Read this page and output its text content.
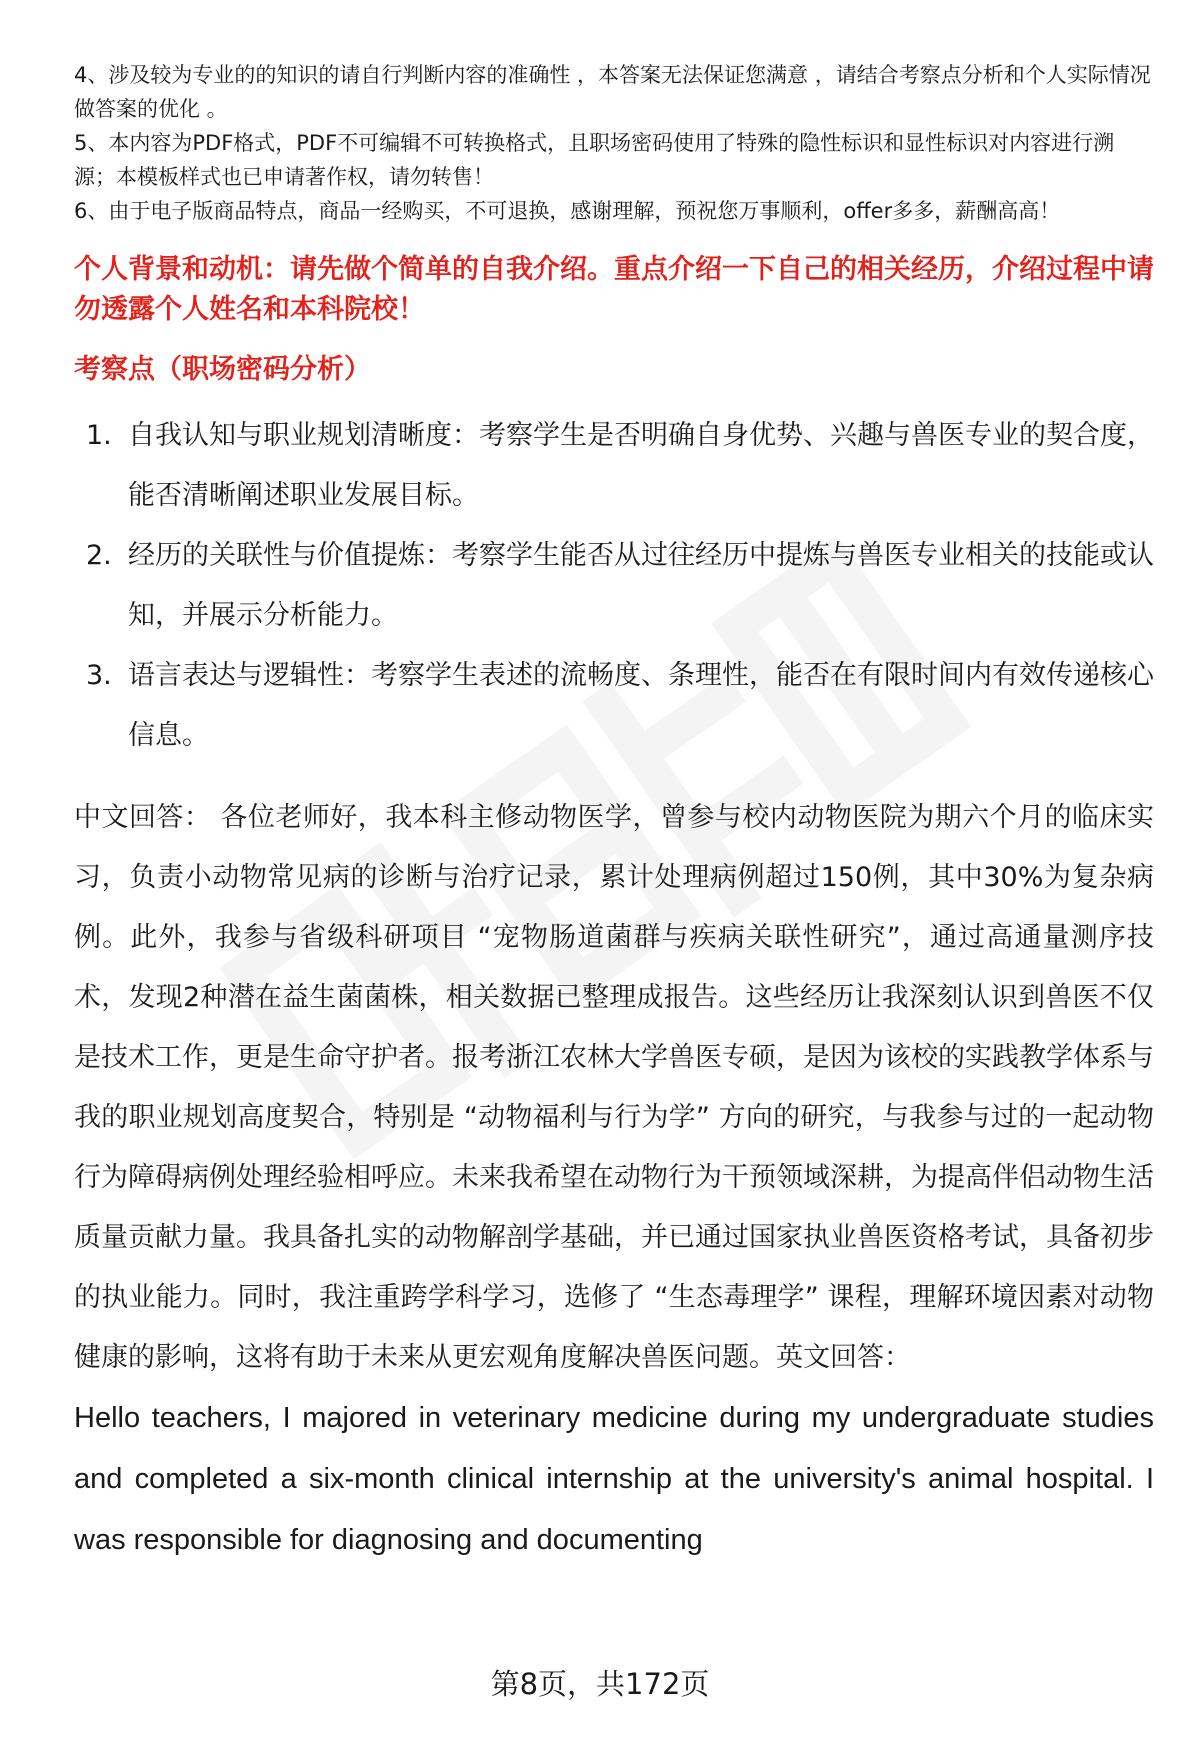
4、涉及较为专业的的知识的请自行判断内容的准确性 ，本答案无法保证您满意 ，请结合考察点分析和个人实际情况做答案的优化 。

5、本内容为PDF格式，PDF不可编辑不可转换格式，且职场密码使用了特殊的隐性标识和显性标识对内容进行溯源；本模板样式也已申请著作权，请勿转售！

6、由于电子版商品特点，商品一经购买，不可退换，感谢理解，预祝您万事顺利，offer多多，薪酬高高！

个人背景和动机：请先做个简单的自我介绍。重点介绍一下自己的相关经历，介绍过程中请勿透露个人姓名和本科院校！
考察点（职场密码分析）
1. 自我认知与职业规划清晰度：考察学生是否明确自身优势、兴趣与兽医专业的契合度，能否清晰阐述职业发展目标。
2. 经历的关联性与价值提炼：考察学生能否从过往经历中提炼与兽医专业相关的技能或认知，并展示分析能力。
3. 语言表达与逻辑性：考察学生表述的流畅度、条理性，能否在有限时间内有效传递核心信息。
中文回答： 各位老师好，我本科主修动物医学，曾参与校内动物医院为期六个月的临床实习，负责小动物常见病的诊断与治疗记录，累计处理病例超过150例，其中30%为复杂病例。此外，我参与省级科研项目 “宠物肠道菌群与疾病关联性研究”，通过高通量测序技术，发现2种潜在益生菌菌株，相关数据已整理成报告。这些经历让我深刻认识到兽医不仅是技术工作，更是生命守护者。报考浙江农林大学兽医专硕，是因为该校的实践教学体系与我的职业规划高度契合，特别是 “动物福利与行为学” 方向的研究，与我参与过的一起动物行为障碍病例处理经验相呼应。未来我希望在动物行为干预领域深耕，为提高伴侣动物生活质量贡献力量。我具备扎实的动物解剖学基础，并已通过国家执业兽医资格考试，具备初步的执业能力。同时，我注重跨学科学习，选修了 “生态毒理学” 课程，理解环境因素对动物健康的影响，这将有助于未来从更宏观角度解决兽医问题。英文回答：
Hello teachers, I majored in veterinary medicine during my undergraduate studies and completed a six-month clinical internship at the university's animal hospital. I was responsible for diagnosing and documenting
第8页，共172页
